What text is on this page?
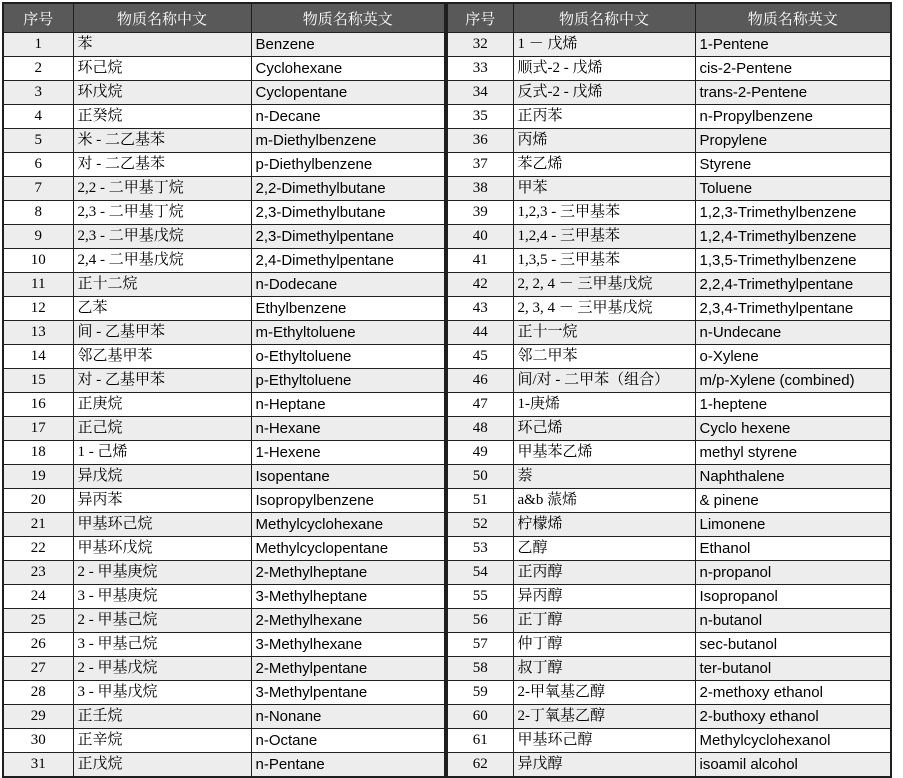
序号	物质名称中文	物质名称英文
1	苯	Benzene
2	环己烷	Cyclohexane
3	环戊烷	Cyclopentane
4	正癸烷	n-Decane
5	米 - 二乙基苯	m-Diethylbenzene
6	对 - 二乙基苯	p-Diethylbenzene
7	2,2 - 二甲基丁烷	2,2-Dimethylbutane
8	2,3 - 二甲基丁烷	2,3-Dimethylbutane
9	2,3 - 二甲基戊烷	2,3-Dimethylpentane
10	2,4 - 二甲基戊烷	2,4-Dimethylpentane
11	正十二烷	n-Dodecane
12	乙苯	Ethylbenzene
13	间 - 乙基甲苯	m-Ethyltoluene
14	邻乙基甲苯	o-Ethyltoluene
15	对 - 乙基甲苯	p-Ethyltoluene
16	正庚烷	n-Heptane
17	正己烷	n-Hexane
18	1 - 己烯	1-Hexene
19	异戊烷	Isopentane
20	异丙苯	Isopropylbenzene
21	甲基环己烷	Methylcyclohexane
22	甲基环戊烷	Methylcyclopentane
23	2 - 甲基庚烷	2-Methylheptane
24	3 - 甲基庚烷	3-Methylheptane
25	2 - 甲基己烷	2-Methylhexane
26	3 - 甲基己烷	3-Methylhexane
27	2 - 甲基戊烷	2-Methylpentane
28	3 - 甲基戊烷	3-Methylpentane
29	正壬烷	n-Nonane
30	正辛烷	n-Octane
31	正戊烷	n-Pentane
序号	物质名称中文	物质名称英文
32	1 － 戊烯	1-Pentene
33	顺式-2 - 戊烯	cis-2-Pentene
34	反式-2 - 戊烯	trans-2-Pentene
35	正丙苯	n-Propylbenzene
36	丙烯	Propylene
37	苯乙烯	Styrene
38	甲苯	Toluene
39	1,2,3 - 三甲基苯	1,2,3-Trimethylbenzene
40	1,2,4 - 三甲基苯	1,2,4-Trimethylbenzene
41	1,3,5 - 三甲基苯	1,3,5-Trimethylbenzene
42	2, 2, 4 － 三甲基戊烷	2,2,4-Trimethylpentane
43	2, 3, 4 － 三甲基戊烷	2,3,4-Trimethylpentane
44	正十一烷	n-Undecane
45	邻二甲苯	o-Xylene
46	间/对 - 二甲苯（组合）	m/p-Xylene (combined)
47	1-庚烯	1-heptene
48	环己烯	Cyclo hexene
49	甲基苯乙烯	methyl styrene
50	萘	Naphthalene
51	a&b 蒎烯	& pinene
52	柠檬烯	Limonene
53	乙醇	Ethanol
54	正丙醇	n-propanol
55	异丙醇	Isopropanol
56	正丁醇	n-butanol
57	仲丁醇	sec-butanol
58	叔丁醇	ter-butanol
59	2-甲氧基乙醇	2-methoxy ethanol
60	2-丁氧基乙醇	2-buthoxy ethanol
61	甲基环己醇	Methylcyclohexanol
62	异戊醇	isoamil alcohol
